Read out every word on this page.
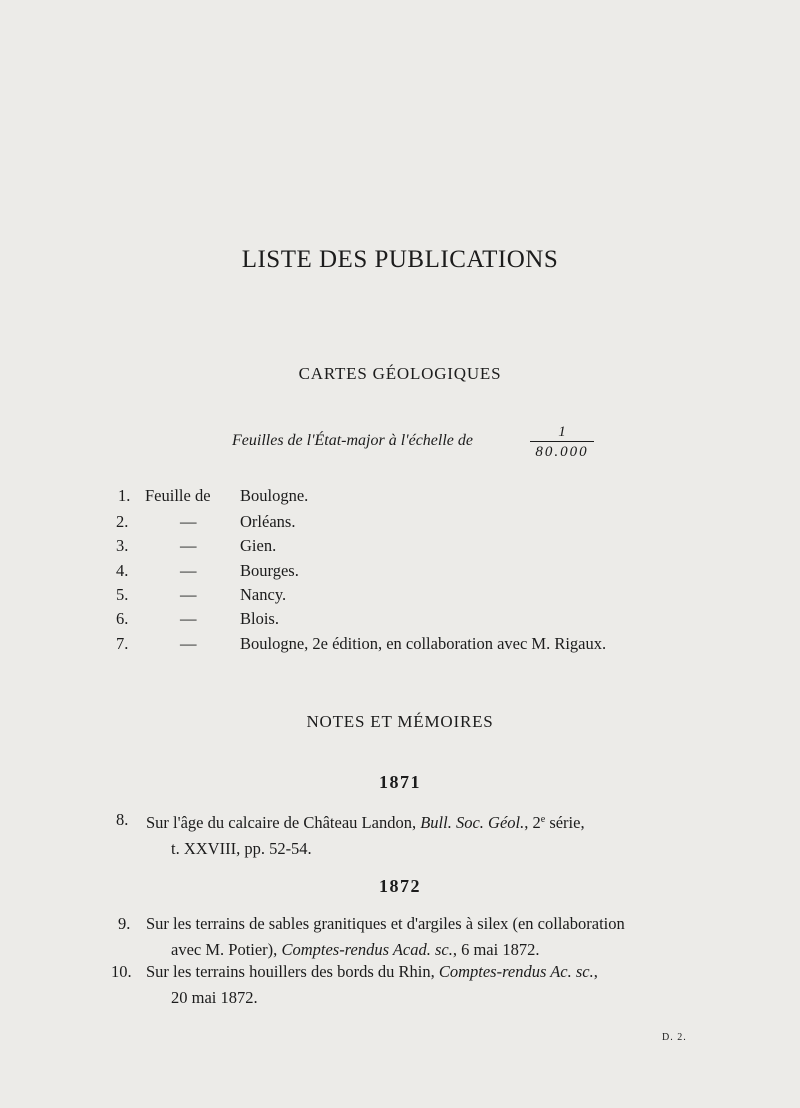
LISTE DES PUBLICATIONS
CARTES GÉOLOGIQUES
Feuilles de l'État-major à l'échelle de	1
80.000
1. Feuille de Boulogne.
2.	—	Orléans.
3.	—	Gien.
4.	—	Bourges.
5.	—	Nancy.
6.	—	Blois.
7.	—	Boulogne, 2e édition, en collaboration avec M. Rigaux.
NOTES ET MÉMOIRES
1871
8. Sur l'âge du calcaire de Château Landon, Bull. Soc. Géol., 2e série,
t. XXVIII, pp. 52-54.
1872
9. Sur les terrains de sables granitiques et d'argiles à silex (en collaboration
avec M. Potier), Comptes-rendus Acad. sc., 6 mai 1872.
10. Sur les terrains houillers des bords du Rhin, Comptes-rendus Ac. sc.,
20 mai 1872.
D. 2.
